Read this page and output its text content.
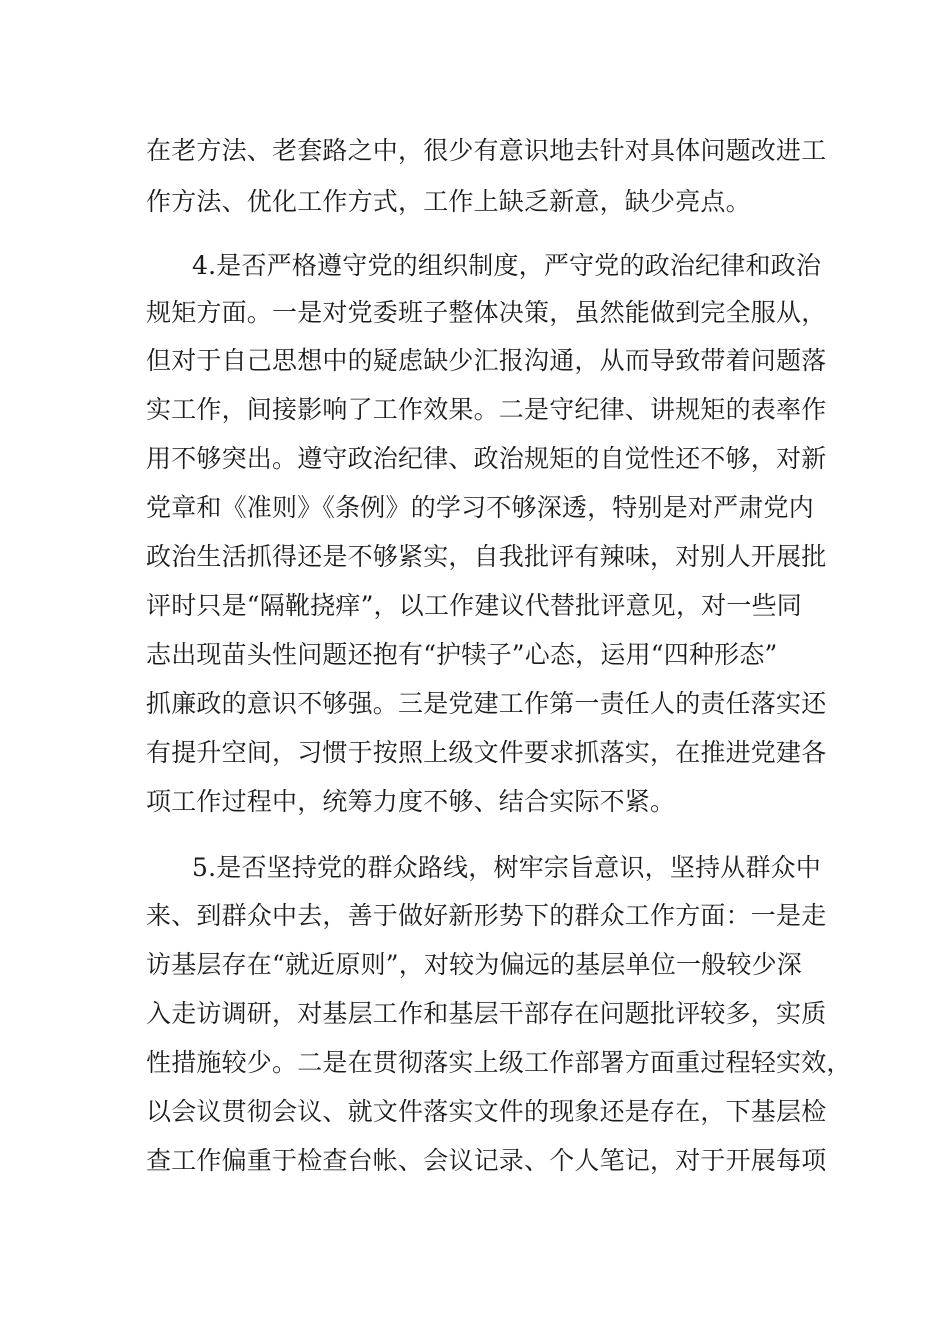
在老方法、老套路之中，很少有意识地去针对具体问题改进工
作方法、优化工作方式，工作上缺乏新意，缺少亮点。
4.是否严格遵守党的组织制度，严守党的政治纪律和政治
规矩方面。一是对党委班子整体决策，虽然能做到完全服从，
但对于自己思想中的疑虑缺少汇报沟通，从而导致带着问题落
实工作，间接影响了工作效果。二是守纪律、讲规矩的表率作
用不够突出。遵守政治纪律、政治规矩的自觉性还不够，对新
党章和《准则》《条例》的学习不够深透，特别是对严肃党内
政治生活抓得还是不够紧实，自我批评有辣味，对别人开展批
评时只是“隔靴挠痒”，以工作建议代替批评意见，对一些同
志出现苗头性问题还抱有“护犊子”心态，运用“四种形态”
抓廉政的意识不够强。三是党建工作第一责任人的责任落实还
有提升空间，习惯于按照上级文件要求抓落实，在推进党建各
项工作过程中，统筹力度不够、结合实际不紧。
5.是否坚持党的群众路线，树牢宗旨意识，坚持从群众中
来、到群众中去，善于做好新形势下的群众工作方面：一是走
访基层存在“就近原则”，对较为偏远的基层单位一般较少深
入走访调研，对基层工作和基层干部存在问题批评较多，实质
性措施较少。二是在贯彻落实上级工作部署方面重过程轻实效，
以会议贯彻会议、就文件落实文件的现象还是存在，下基层检
查工作偏重于检查台帐、会议记录、个人笔记，对于开展每项
